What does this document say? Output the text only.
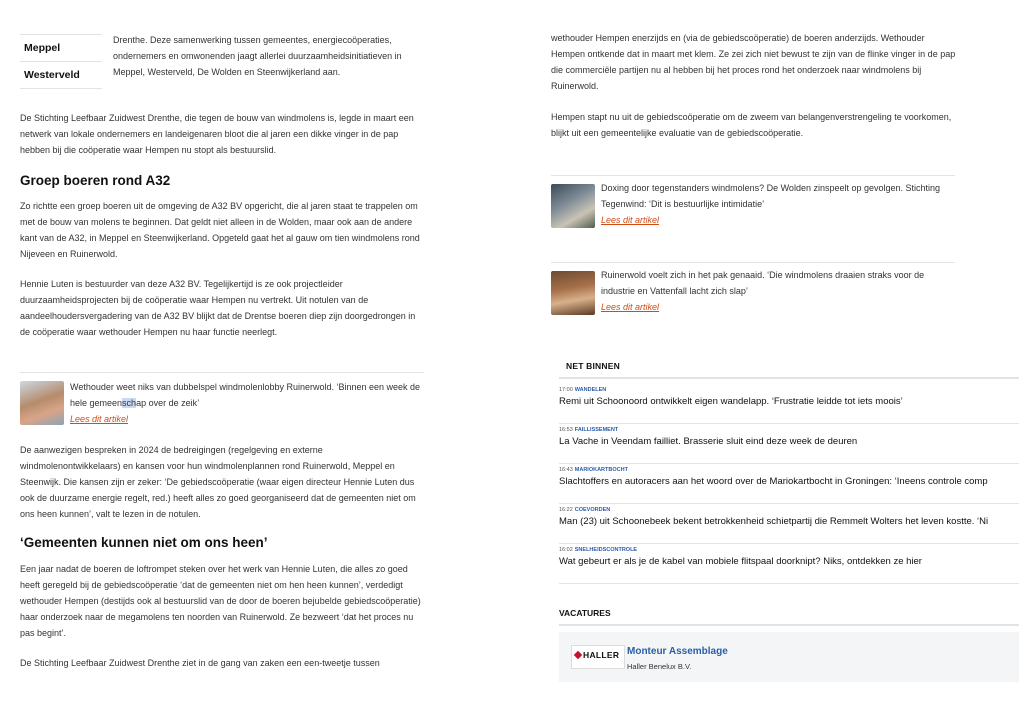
Meppel
Westerveld

Drenthe. Deze samenwerking tussen gemeentes, energiecoöperaties, ondernemers en omwonenden jaagt allerlei duurzaamheidsinitiatieven in Meppel, Westerveld, De Wolden en Steenwijkerland aan.

De Stichting Leefbaar Zuidwest Drenthe, die tegen de bouw van windmolens is, legde in maart een netwerk van lokale ondernemers en landeigenaren bloot die al jaren een dikke vinger in de pap hebben bij die coöperatie waar Hempen nu stopt als bestuurslid.

Groep boeren rond A32

Zo richtte een groep boeren uit de omgeving de A32 BV opgericht, die al jaren staat te trappelen om met de bouw van molens te beginnen. Dat geldt niet alleen in de Wolden, maar ook aan de andere kant van de A32, in Meppel en Steenwijkerland. Opgeteld gaat het al gauw om tien windmolens rond Nijeveen en Ruinerwold.

Hennie Luten is bestuurder van deze A32 BV. Tegelijkertijd is ze ook projectleider duurzaamheidsprojecten bij de coöperatie waar Hempen nu vertrekt. Uit notulen van de aandeelhoudersvergadering van de A32 BV blijkt dat de Drentse boeren diep zijn doorgedrongen in de coöperatie waar wethouder Hempen nu haar functie neerlegt.

Wethouder weet niks van dubbelspel windmolenlobby Ruinerwold. ‘Binnen een week de hele gemeenschap over de zeik’
Lees dit artikel

De aanwezigen bespreken in 2024 de bedreigingen (regelgeving en externe windmolenontwikkelaars) en kansen voor hun windmolenplannen rond Ruinerwold, Meppel en Steenwijk. Die kansen zijn er zeker: ‘De gebiedscoöperatie (waar eigen directeur Hennie Luten dus ook de duurzame energie regelt, red.) heeft alles zo goed georganiseerd dat de gemeenten niet om ons heen kunnen’, valt te lezen in de notulen.

‘Gemeenten kunnen niet om ons heen’

Een jaar nadat de boeren de loftrompet steken over het werk van Hennie Luten, die alles zo goed heeft geregeld bij de gebiedscoöperatie ‘dat de gemeenten niet om hen heen kunnen’, verdedigt wethouder Hempen (destijds ook al bestuurslid van de door de boeren bejubelde gebiedscoöperatie) haar onderzoek naar de megamolens ten noorden van Ruinerwold. Ze bezweert ‘dat het proces nu pas begint’.

De Stichting Leefbaar Zuidwest Drenthe ziet in de gang van zaken een een-tweetje tussen

wethouder Hempen enerzijds en (via de gebiedscoöperatie) de boeren anderzijds. Wethouder Hempen ontkende dat in maart met klem. Ze zei zich niet bewust te zijn van de flinke vinger in de pap die commerciële partijen nu al hebben bij het proces rond het onderzoek naar windmolens bij Ruinerwold.

Hempen stapt nu uit de gebiedscoöperatie om de zweem van belangenverstrengeling te voorkomen, blijkt uit een gemeentelijke evaluatie van de gebiedscoöperatie.

Doxing door tegenstanders windmolens? De Wolden zinspeelt op gevolgen. Stichting Tegenwind: ‘Dit is bestuurlijke intimidatie’
Lees dit artikel
Ruinerwold voelt zich in het pak genaaid. ‘Die windmolens draaien straks voor de industrie en Vattenfall lacht zich slap’
Lees dit artikel
NET BINNEN
17:00 WANDELEN
Remi uit Schoonoord ontwikkelt eigen wandelapp. ‘Frustratie leidde tot iets moois’
16:53 FAILLISSEMENT
La Vache in Veendam failliet. Brasserie sluit eind deze week de deuren
16:43 MARIOKARTBOCHT
Slachtoffers en autoracers aan het woord over de Mariokartbocht in Groningen: ‘Ineens controle comp
16:22 COEVORDEN
Man (23) uit Schoonebeek bekent betrokkenheid schietpartij die Remmelt Wolters het leven kostte. ‘Ni
16:02 SNELHEIDSCONTROLE
Wat gebeurt er als je de kabel van mobiele flitspaal doorknipt? Niks, ontdekken ze hier
VACATURES
HALLER Monteur Assemblage
Haller Benelux B.V.
